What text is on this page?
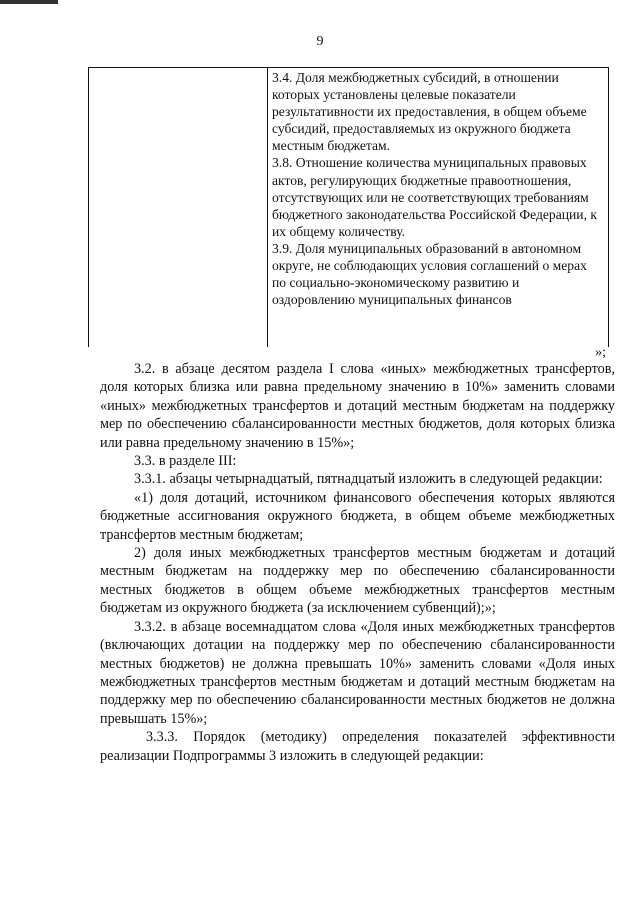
9

3.4. Доля межбюджетных субсидий, в отношении которых установлены целевые показатели результативности их предоставления, в общем объеме субсидий, предоставляемых из окружного бюджета местным бюджетам.

3.8. Отношение количества муниципальных правовых актов, регулирующих бюджетные правоотношения, отсутствующих или не соответствующих требованиям бюджетного законодательства Российской Федерации, к их общему количеству.

3.9. Доля муниципальных образований в автономном округе, не соблюдающих условия соглашений о мерах по социально-экономическому развитию и оздоровлению муниципальных финансов

»;

3.2. в абзаце десятом раздела I слова «иных» межбюджетных трансфертов, доля которых близка или равна предельному значению в 10%» заменить словами «иных» межбюджетных трансфертов и дотаций местным бюджетам на поддержку мер по обеспечению сбалансированности местных бюджетов, доля которых близка или равна предельному значению в 15%»;

3.3. в разделе III:

3.3.1. абзацы четырнадцатый, пятнадцатый изложить в следующей редакции:

«1) доля дотаций, источником финансового обеспечения которых являются бюджетные ассигнования окружного бюджета, в общем объеме межбюджетных трансфертов местным бюджетам;

2) доля иных межбюджетных трансфертов местным бюджетам и дотаций местным бюджетам на поддержку мер по обеспечению сбалансированности местных бюджетов в общем объеме межбюджетных трансфертов местным бюджетам из окружного бюджета (за исключением субвенций);»;

3.3.2. в абзаце восемнадцатом слова «Доля иных межбюджетных трансфертов (включающих дотации на поддержку мер по обеспечению сбалансированности местных бюджетов) не должна превышать 10%» заменить словами «Доля иных межбюджетных трансфертов местным бюджетам и дотаций местным бюджетам на поддержку мер по обеспечению сбалансированности местных бюджетов не должна превышать 15%»;

3.3.3. Порядок (методику) определения показателей эффективности реализации Подпрограммы 3 изложить в следующей редакции:
